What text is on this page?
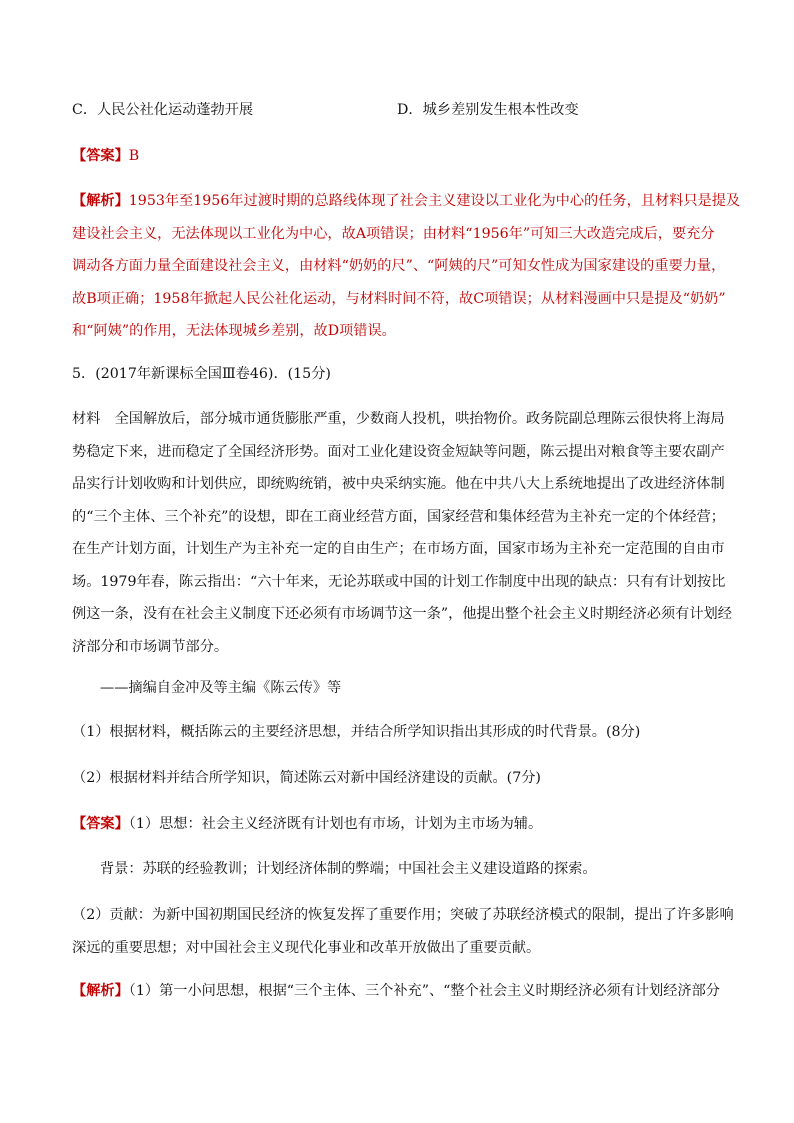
C．人民公社化运动蓬勃开展	D．城乡差别发生根本性改变
【答案】B
【解析】1953年至1956年过渡时期的总路线体现了社会主义建设以工业化为中心的任务，且材料只是提及
建设社会主义，无法体现以工业化为中心，故A项错误；由材料“1956年”可知三大改造完成后，要充分
调动各方面力量全面建设社会主义，由材料“奶奶的尺”、“阿姨的尺”可知女性成为国家建设的重要力量，
故B项正确；1958年掀起人民公社化运动，与材料时间不符，故C项错误；从材料漫画中只是提及“奶奶”
和“阿姨”的作用，无法体现城乡差别，故D项错误。
5．(2017年新课标全国Ⅲ卷46)．(15分)
材料　全国解放后，部分城市通货膨胀严重，少数商人投机，哄抬物价。政务院副总理陈云很快将上海局
势稳定下来，进而稳定了全国经济形势。面对工业化建设资金短缺等问题，陈云提出对粮食等主要农副产
品实行计划收购和计划供应，即统购统销，被中央采纳实施。他在中共八大上系统地提出了改进经济体制
的“三个主体、三个补充”的设想，即在工商业经营方面，国家经营和集体经营为主补充一定的个体经营；
在生产计划方面，计划生产为主补充一定的自由生产；在市场方面，国家市场为主补充一定范围的自由市
场。1979年春，陈云指出：“六十年来，无论苏联或中国的计划工作制度中出现的缺点：只有有计划按比
例这一条，没有在社会主义制度下还必须有市场调节这一条”，他提出整个社会主义时期经济必须有计划经
济部分和市场调节部分。
——摘编自金冲及等主编《陈云传》等
（1）根据材料，概括陈云的主要经济思想，并结合所学知识指出其形成的时代背景。(8分)
（2）根据材料并结合所学知识，简述陈云对新中国经济建设的贡献。(7分)
【答案】（1）思想：社会主义经济既有计划也有市场，计划为主市场为辅。
背景：苏联的经验教训；计划经济体制的弊端；中国社会主义建设道路的探索。
（2）贡献：为新中国初期国民经济的恢复发挥了重要作用；突破了苏联经济模式的限制，提出了许多影响
深远的重要思想；对中国社会主义现代化事业和改革开放做出了重要贡献。
【解析】（1）第一小问思想，根据“三个主体、三个补充”、“整个社会主义时期经济必须有计划经济部分
